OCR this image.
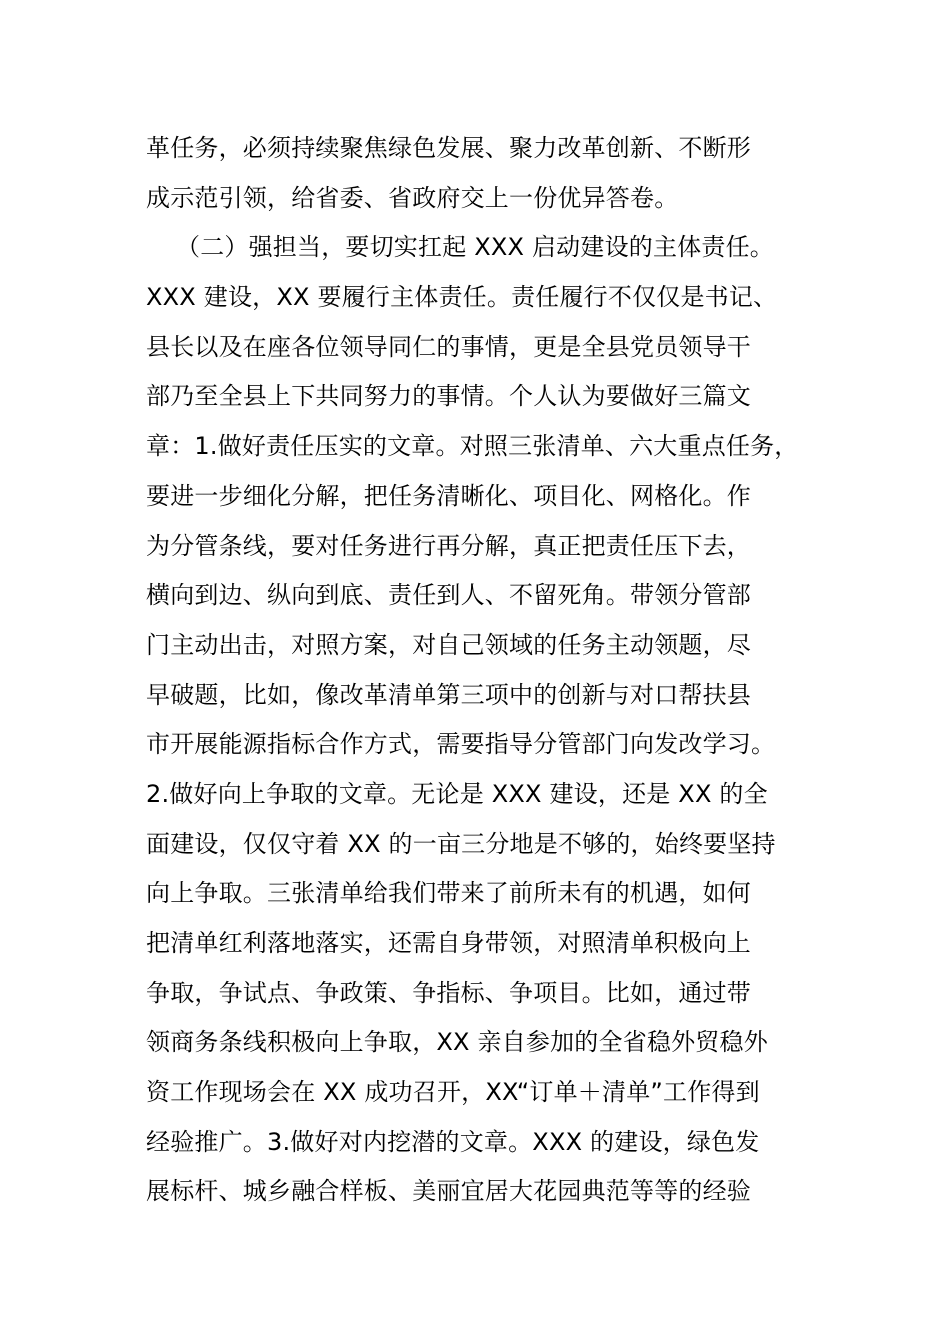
革任务，必须持续聚焦绿色发展、聚力改革创新、不断形
成示范引领，给省委、省政府交上一份优异答卷。
（二）强担当，要切实扛起 XXX 启动建设的主体责任。
XXX 建设，XX 要履行主体责任。责任履行不仅仅是书记、
县长以及在座各位领导同仁的事情，更是全县党员领导干
部乃至全县上下共同努力的事情。个人认为要做好三篇文
章：1.做好责任压实的文章。对照三张清单、六大重点任务，
要进一步细化分解，把任务清晰化、项目化、网格化。作
为分管条线，要对任务进行再分解，真正把责任压下去，
横向到边、纵向到底、责任到人、不留死角。带领分管部
门主动出击，对照方案，对自己领域的任务主动领题，尽
早破题，比如，像改革清单第三项中的创新与对口帮扶县
市开展能源指标合作方式，需要指导分管部门向发改学习。
2.做好向上争取的文章。无论是 XXX 建设，还是 XX 的全
面建设，仅仅守着 XX 的一亩三分地是不够的，始终要坚持
向上争取。三张清单给我们带来了前所未有的机遇，如何
把清单红利落地落实，还需自身带领，对照清单积极向上
争取，争试点、争政策、争指标、争项目。比如，通过带
领商务条线积极向上争取，XX 亲自参加的全省稳外贸稳外
资工作现场会在 XX 成功召开，XX“订单＋清单”工作得到
经验推广。3.做好对内挖潜的文章。XXX 的建设，绿色发
展标杆、城乡融合样板、美丽宜居大花园典范等等的经验
